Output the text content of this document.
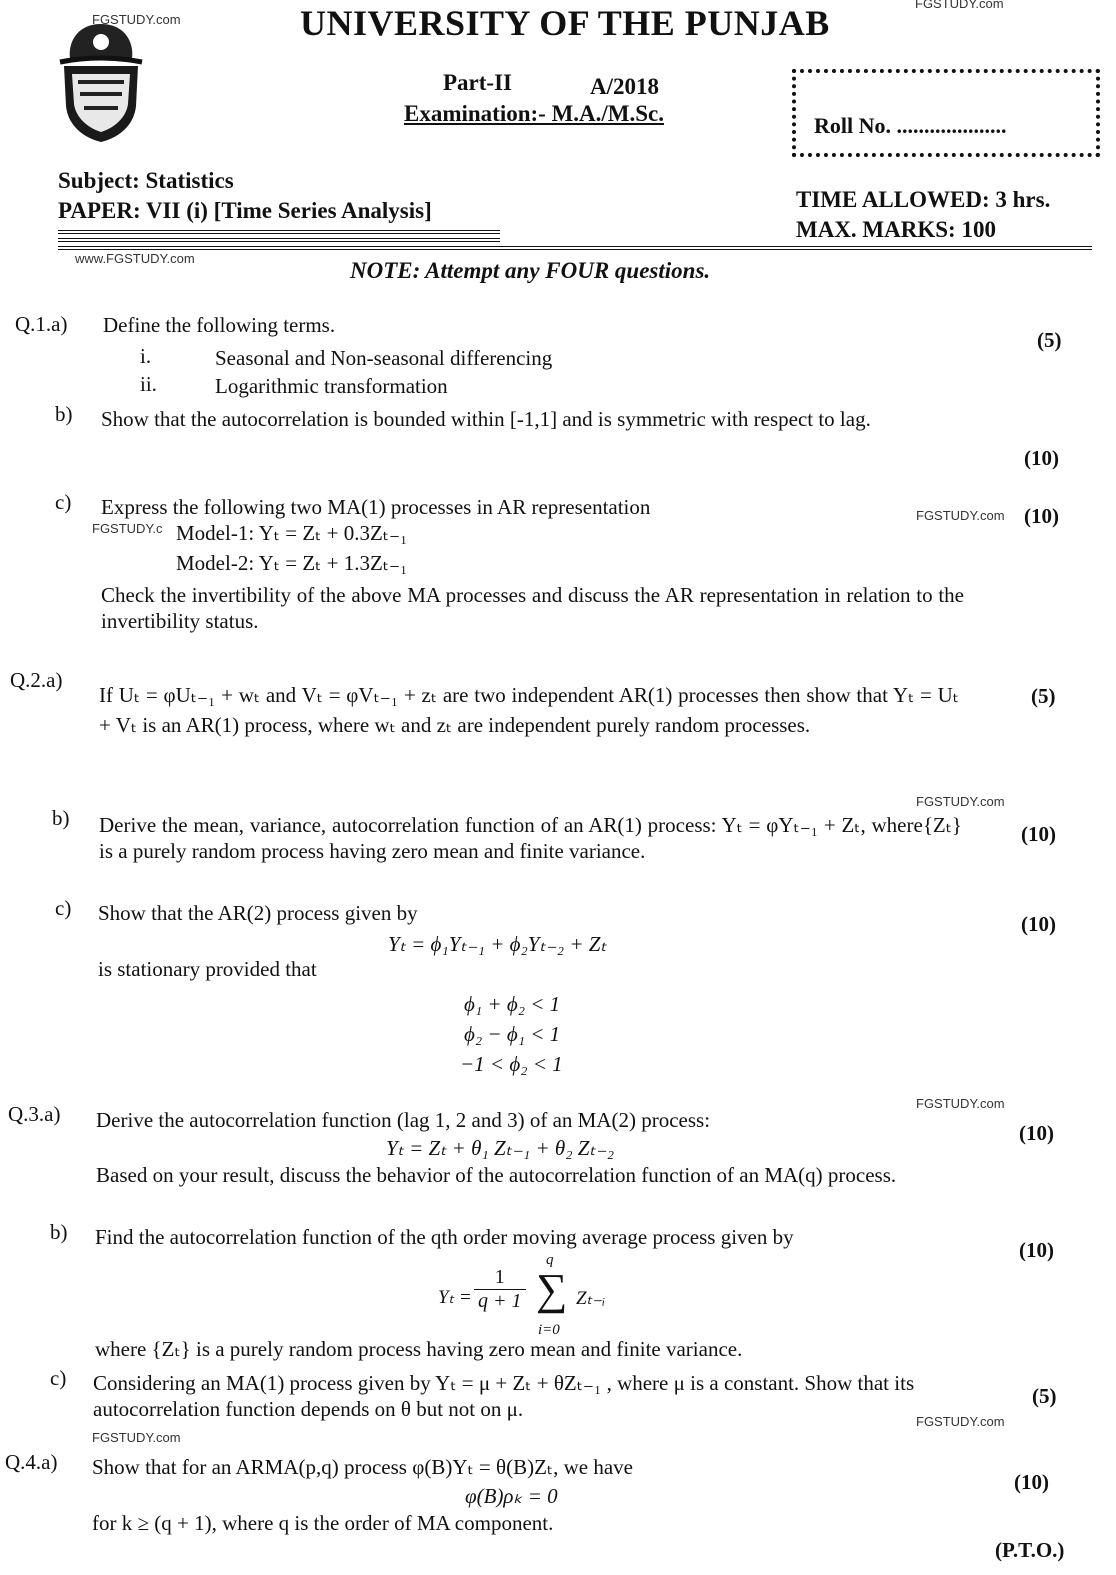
FGSTUDY.com
FGSTUDY.com
www.FGSTUDY.com
UNIVERSITY OF THE PUNJAB
Part-II	A/2018
Examination:- M.A./M.Sc.	Roll No. ....................
Subject: Statistics
PAPER: VII (i) [Time Series Analysis]	TIME ALLOWED: 3 hrs.
MAX. MARKS: 100
NOTE: Attempt any FOUR questions.
Q.1.a) Define the following terms.
i.	Seasonal and Non-seasonal differencing
ii.	Logarithmic transformation
(5)
b) Show that the autocorrelation is bounded within [-1,1] and is symmetric with respect to lag.
(10)
c) Express the following two MA(1) processes in AR representation
FGSTUDY.c
FGSTUDY.com (10)
Model-1: Yₜ = Zₜ + 0.3Zₜ₋₁
Model-2: Yₜ = Zₜ + 1.3Zₜ₋₁
Check the invertibility of the above MA processes and discuss the AR representation in relation to the invertibility status.
Q.2.a)
If Uₜ = φUₜ₋₁ + wₜ and Vₜ = φVₜ₋₁ + zₜ are two independent AR(1) processes then show that Yₜ = Uₜ + Vₜ is an AR(1) process, where wₜ and zₜ are independent purely random processes.
(5)
FGSTUDY.com
b) Derive the mean, variance, autocorrelation function of an AR(1) process: Yₜ = φYₜ₋₁ + Zₜ, where{Zₜ} is a purely random process having zero mean and finite variance.
(10)
c) Show that the AR(2) process given by	(10)
Yₜ = ϕ₁Yₜ₋₁ + ϕ₂Yₜ₋₂ + Zₜ
is stationary provided that
ϕ₁ + ϕ₂ < 1
ϕ₂ − ϕ₁ < 1
−1 < ϕ₂ < 1
FGSTUDY.com
Q.3.a) Derive the autocorrelation function (lag 1, 2 and 3) of an MA(2) process:
(10)
Yₜ = Zₜ + θ₁ Zₜ₋₁ + θ₂ Zₜ₋₂
Based on your result, discuss the behavior of the autocorrelation function of an MA(q) process.
b) Find the autocorrelation function of the qth order moving average process given by
(10)
$Y_t = \frac{1}{q + 1}$
q
∑
i=0
Zₜ₋ᵢ
where {Zₜ} is a purely random process having zero mean and finite variance.
c) Considering an MA(1) process given by Yₜ = μ + Zₜ + θZₜ₋₁ , where μ is a constant. Show that its autocorrelation function depends on θ but not on μ.
(5)
FGSTUDY.com
FGSTUDY.com
Q.4.a) Show that for an ARMA(p,q) process φ(B)Yₜ = θ(B)Zₜ, we have
(10)
φ(B)ρₖ = 0
for k ≥ (q + 1), where q is the order of MA component.
(P.T.O.)
